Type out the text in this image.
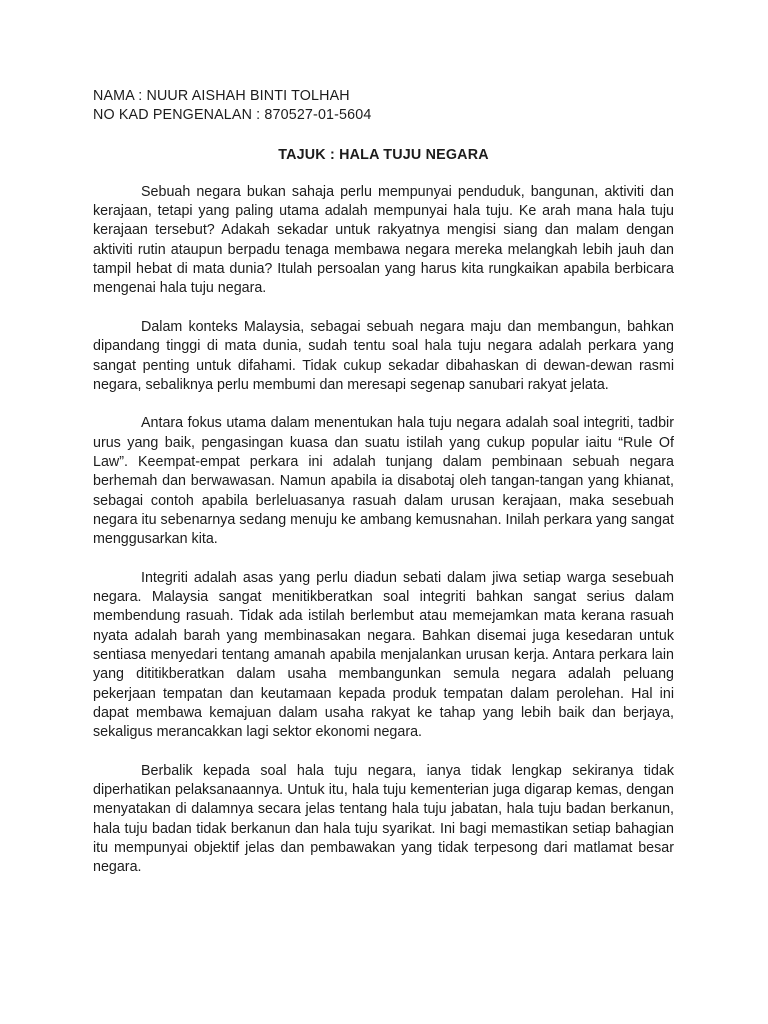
NAMA : NUUR AISHAH BINTI TOLHAH
NO KAD PENGENALAN : 870527-01-5604
TAJUK : HALA TUJU NEGARA

Sebuah negara bukan sahaja perlu mempunyai penduduk, bangunan, aktiviti dan kerajaan, tetapi yang paling utama adalah mempunyai hala tuju. Ke arah mana hala tuju kerajaan tersebut? Adakah sekadar untuk rakyatnya mengisi siang dan malam dengan aktiviti rutin ataupun berpadu tenaga membawa negara mereka melangkah lebih jauh dan tampil hebat di mata dunia? Itulah persoalan yang harus kita rungkaikan apabila berbicara mengenai hala tuju negara.

Dalam konteks Malaysia, sebagai sebuah negara maju dan membangun, bahkan dipandang tinggi di mata dunia, sudah tentu soal hala tuju negara adalah perkara yang sangat penting untuk difahami. Tidak cukup sekadar dibahaskan di dewan-dewan rasmi negara, sebaliknya perlu membumi dan meresapi segenap sanubari rakyat jelata.

Antara fokus utama dalam menentukan hala tuju negara adalah soal integriti, tadbir urus yang baik, pengasingan kuasa dan suatu istilah yang cukup popular iaitu “Rule Of Law”. Keempat-empat perkara ini adalah tunjang dalam pembinaan sebuah negara berhemah dan berwawasan. Namun apabila ia disabotaj oleh tangan-tangan yang khianat, sebagai contoh apabila berleluasanya rasuah dalam urusan kerajaan, maka sesebuah negara itu sebenarnya sedang menuju ke ambang kemusnahan. Inilah perkara yang sangat menggusarkan kita.

Integriti adalah asas yang perlu diadun sebati dalam jiwa setiap warga sesebuah negara. Malaysia sangat menitikberatkan soal integriti bahkan sangat serius dalam membendung rasuah. Tidak ada istilah berlembut atau memejamkan mata kerana rasuah nyata adalah barah yang membinasakan negara. Bahkan disemai juga kesedaran untuk sentiasa menyedari tentang amanah apabila menjalankan urusan kerja. Antara perkara lain yang dititikberatkan dalam usaha membangunkan semula negara adalah peluang pekerjaan tempatan dan keutamaan kepada produk tempatan dalam perolehan. Hal ini dapat membawa kemajuan dalam usaha rakyat ke tahap yang lebih baik dan berjaya, sekaligus merancakkan lagi sektor ekonomi negara.

Berbalik kepada soal hala tuju negara, ianya tidak lengkap sekiranya tidak diperhatikan pelaksanaannya. Untuk itu, hala tuju kementerian juga digarap kemas, dengan menyatakan di dalamnya secara jelas tentang hala tuju jabatan, hala tuju badan berkanun, hala tuju badan tidak berkanun dan hala tuju syarikat. Ini bagi memastikan setiap bahagian itu mempunyai objektif jelas dan pembawakan yang tidak terpesong dari matlamat besar negara.
